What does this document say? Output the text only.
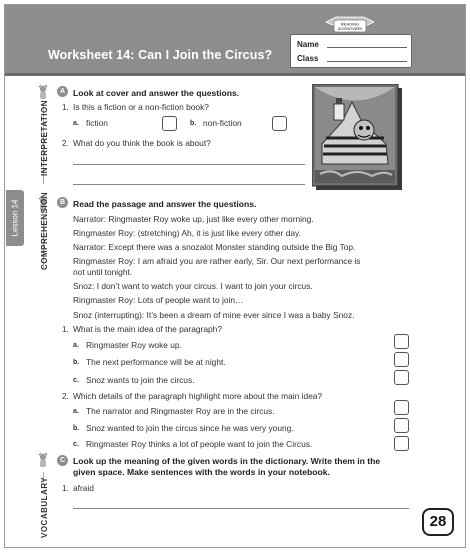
READING
ADVENTURES
Worksheet 14: Can I Join the Circus?
Name
Class
Lesson 14
A
INTERPRETATION
Look at cover and answer the questions.
1. Is this a fiction or a non-fiction book?
a. fiction	b. non-fiction
2. What do you think the book is about?
B
COMPREHENSION	Read the passage and answer the questions.
Narrator: Ringmaster Roy woke up, just like every other morning.
Ringmaster Roy: (stretching) Ah, it is just like every other day.
Narrator: Except there was a snozalot Monster standing outside the Big Top.
Ringmaster Roy: I am afraid you are rather early, Sir. Our next performance is
not until tonight.
Snoz: I don’t want to watch your circus. I want to join your circus.
Ringmaster Roy: Lots of people want to join…
Snoz (interrupting): It’s been a dream of mine ever since I was a baby Snoz.
1. What is the main idea of the paragraph?
a. Ringmaster Roy woke up.
b. The next performance will be at night.
c. Snoz wants to join the circus.
2. Which details of the paragraph highlight more about the main idea?
a. The narrator and Ringmaster Roy are in the circus.
b. Snoz wanted to join the circus since he was very young.
c. Ringmaster Roy thinks a lot of people want to join the Circus.
C
VOCABULARY
Look up the meaning of the given words in the dictionary. Write them in the
given space. Make sentences with the words in your notebook.
1. afraid
28
